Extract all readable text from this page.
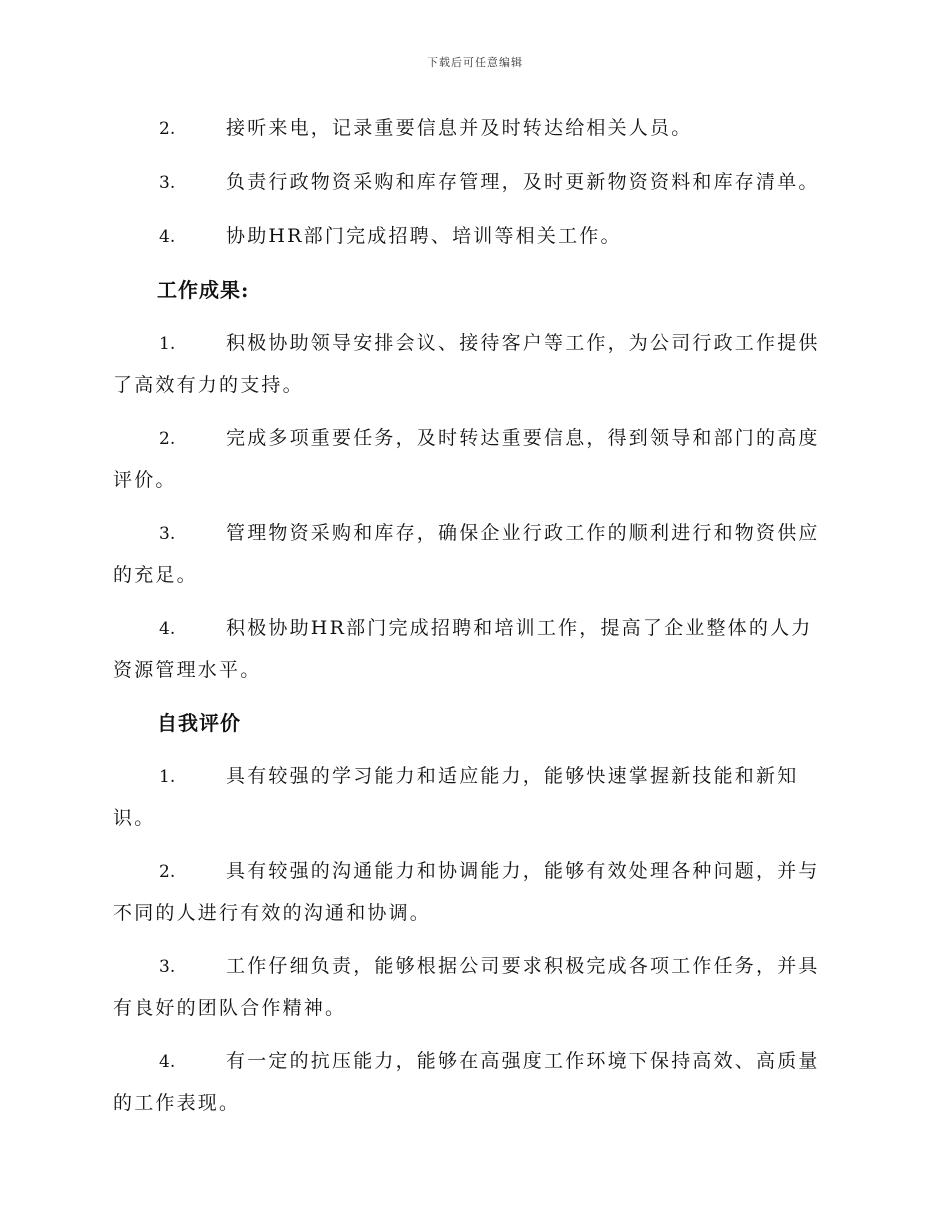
下载后可任意编辑

2.	接听来电，记录重要信息并及时转达给相关人员。

3.	负责行政物资采购和库存管理，及时更新物资资料和库存清单。

4.	协助HR部门完成招聘、培训等相关工作。

工作成果:

1.	积极协助领导安排会议、接待客户等工作，为公司行政工作提供了高效有力的支持。

2.	完成多项重要任务，及时转达重要信息，得到领导和部门的高度评价。

3.	管理物资采购和库存，确保企业行政工作的顺利进行和物资供应的充足。

4.	积极协助HR部门完成招聘和培训工作，提高了企业整体的人力资源管理水平。

自我评价

1.	具有较强的学习能力和适应能力，能够快速掌握新技能和新知识。

2.	具有较强的沟通能力和协调能力，能够有效处理各种问题，并与不同的人进行有效的沟通和协调。

3.	工作仔细负责，能够根据公司要求积极完成各项工作任务，并具有良好的团队合作精神。

4.	有一定的抗压能力，能够在高强度工作环境下保持高效、高质量的工作表现。
